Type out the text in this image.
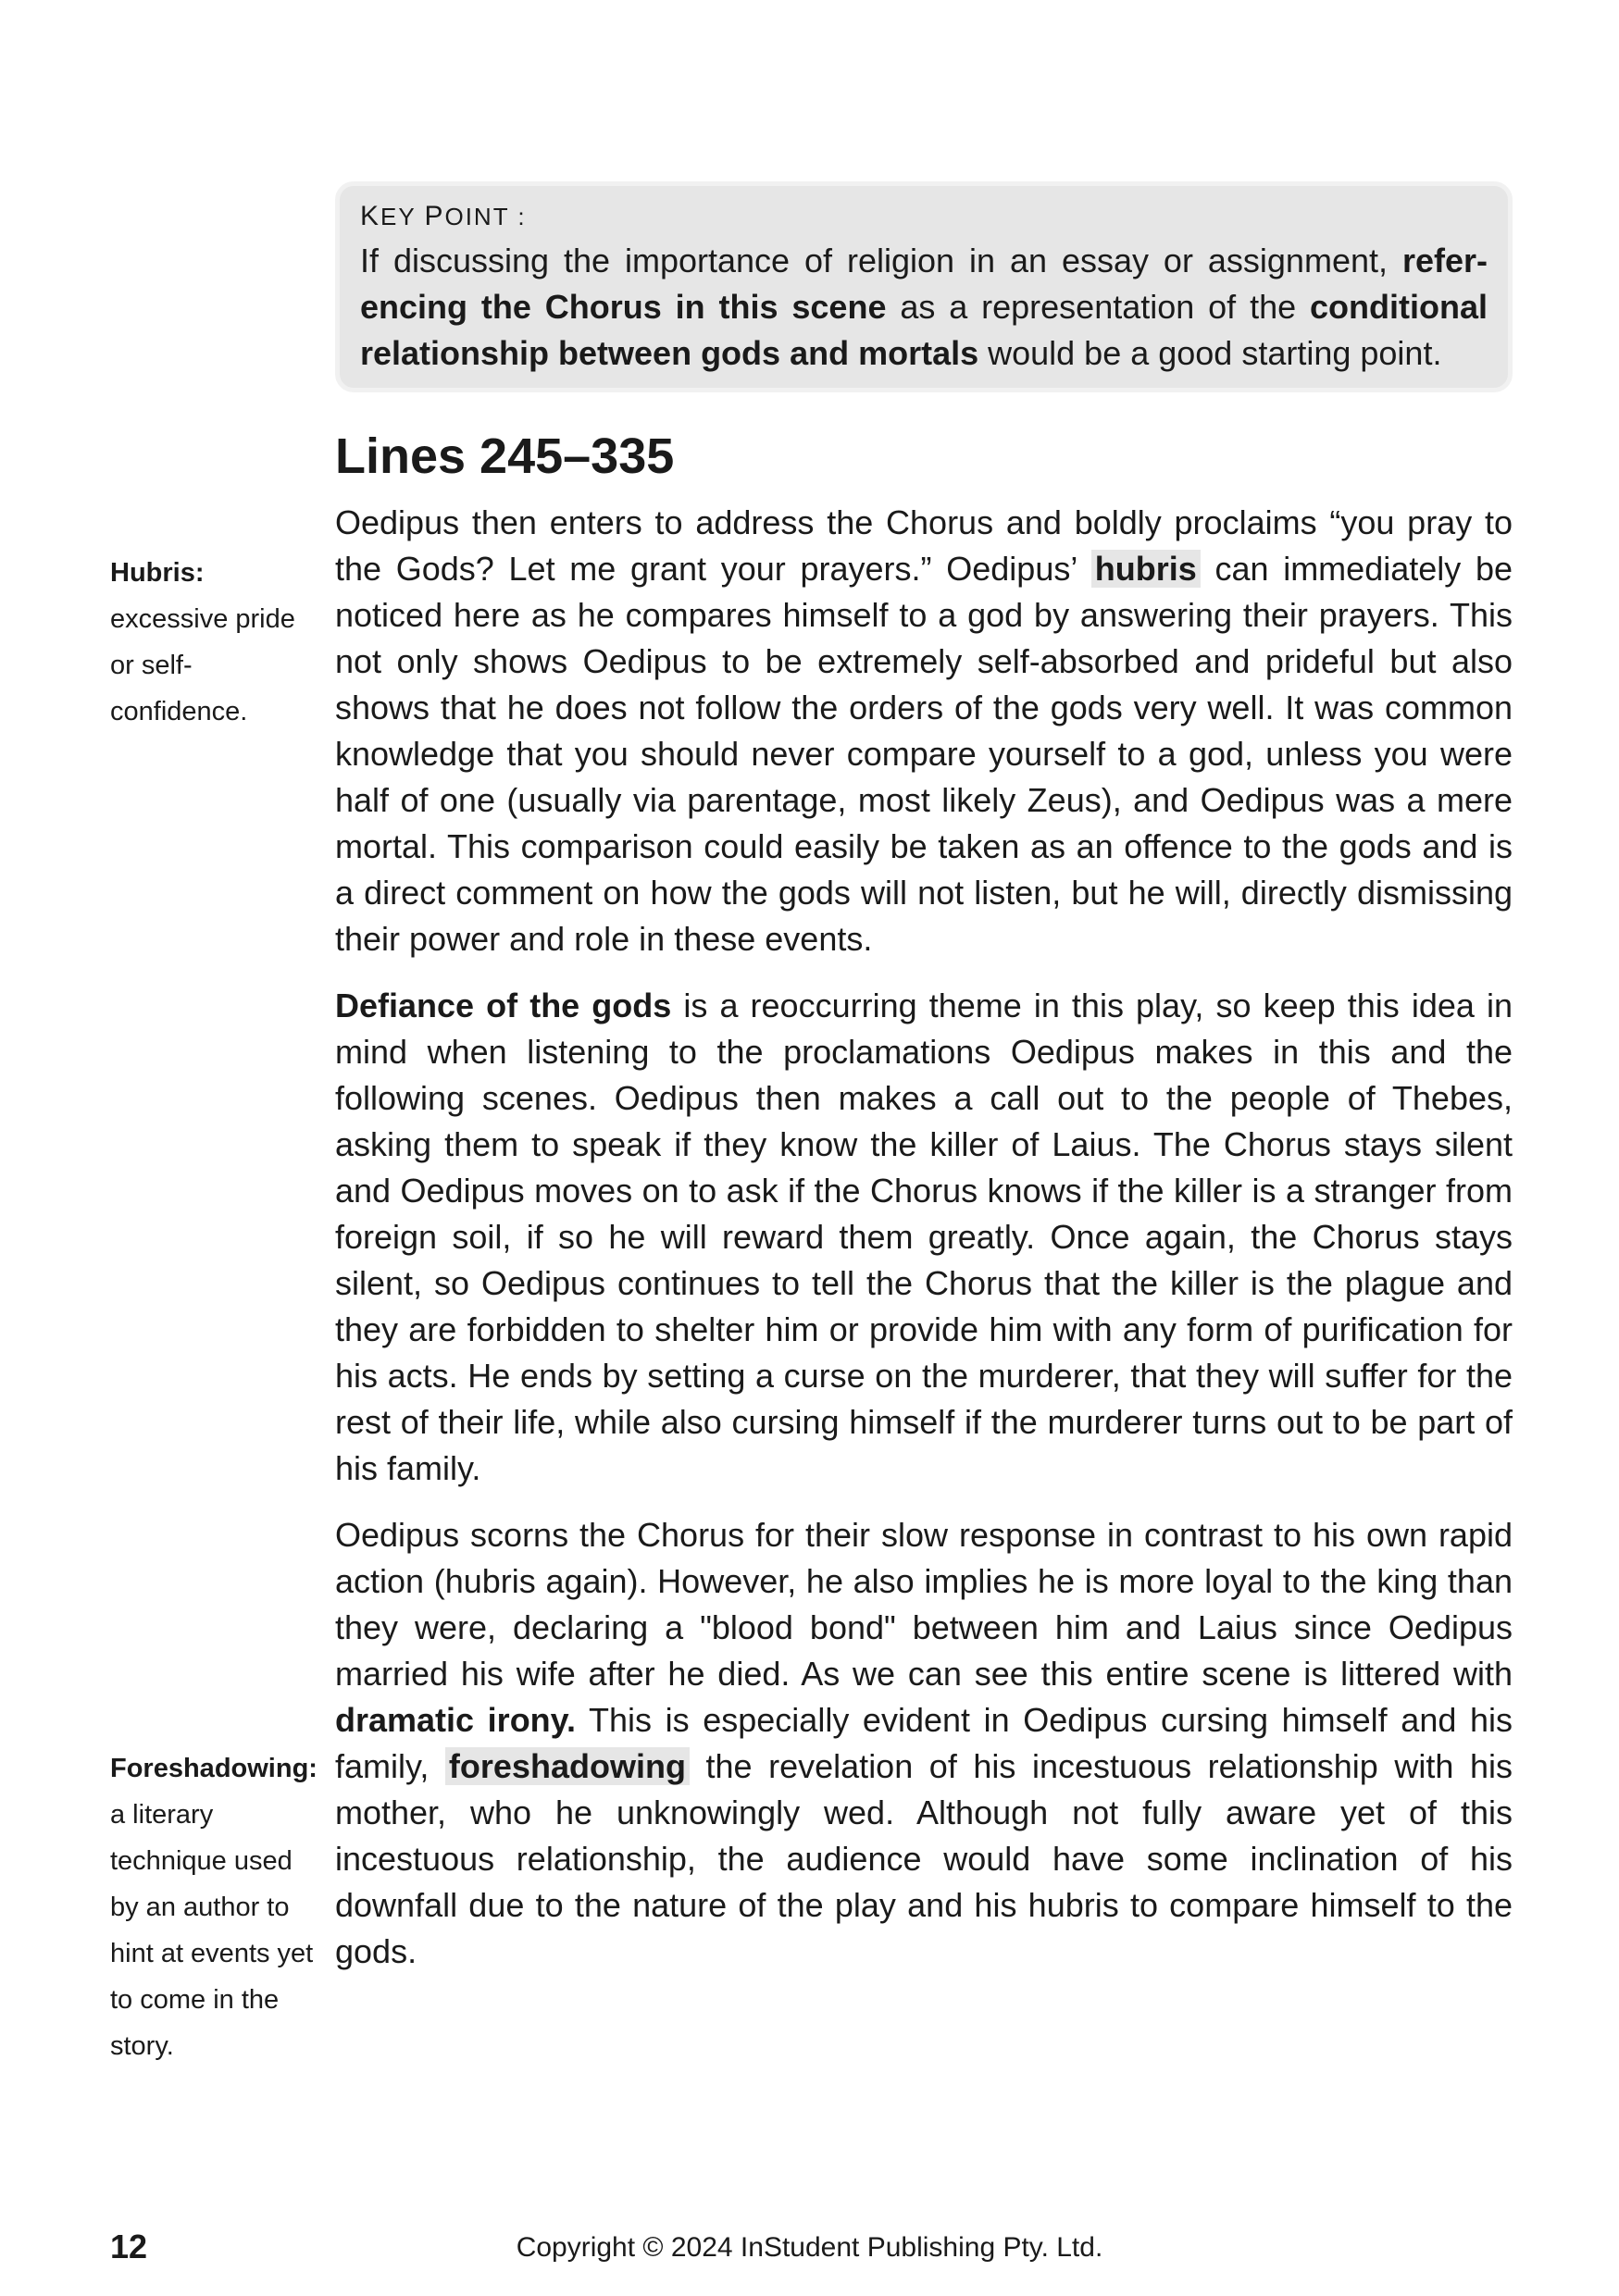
KEY POINT :

If discussing the importance of religion in an essay or assignment, referencing the Chorus in this scene as a representation of the conditional relationship between gods and mortals would be a good starting point.

Lines 245–335

Oedipus then enters to address the Chorus and boldly proclaims “you pray to the Gods? Let me grant your prayers.” Oedipus’ hubris can immediately be noticed here as he compares himself to a god by answering their prayers. This not only shows Oedipus to be extremely self-absorbed and prideful but also shows that he does not follow the orders of the gods very well. It was common knowledge that you should never compare yourself to a god, unless you were half of one (usually via parentage, most likely Zeus), and Oedipus was a mere mortal. This comparison could easily be taken as an offence to the gods and is a direct comment on how the gods will not listen, but he will, directly dismissing their power and role in these events.

Defiance of the gods is a reoccurring theme in this play, so keep this idea in mind when listening to the proclamations Oedipus makes in this and the following scenes. Oedipus then makes a call out to the people of Thebes, asking them to speak if they know the killer of Laius. The Chorus stays silent and Oedipus moves on to ask if the Chorus knows if the killer is a stranger from foreign soil, if so he will reward them greatly. Once again, the Chorus stays silent, so Oedipus continues to tell the Chorus that the killer is the plague and they are forbidden to shelter him or provide him with any form of purification for his acts. He ends by setting a curse on the murderer, that they will suffer for the rest of their life, while also cursing himself if the murderer turns out to be part of his family.

Oedipus scorns the Chorus for their slow response in contrast to his own rapid action (hubris again). However, he also implies he is more loyal to the king than they were, declaring a "blood bond" between him and Laius since Oedipus married his wife after he died. As we can see this entire scene is littered with dramatic irony. This is especially evident in Oedipus cursing himself and his family, foreshadowing the revelation of his incestuous relationship with his mother, who he unknowingly wed. Although not fully aware yet of this incestuous relationship, the audience would have some inclination of his downfall due to the nature of the play and his hubris to compare himself to the gods.

Hubris:
excessive pride or self-confidence.
Foreshadowing:
a literary technique used by an author to hint at events yet to come in the story.
12	Copyright © 2024 InStudent Publishing Pty. Ltd.
